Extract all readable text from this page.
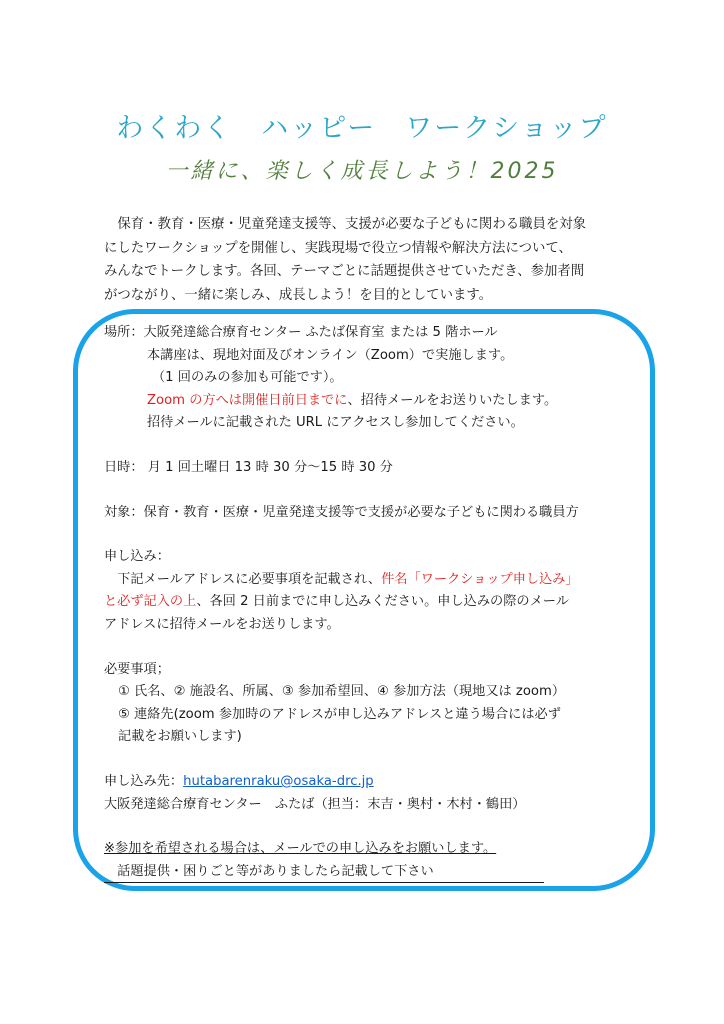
わくわく　ハッピー　ワークショップ
一緒に、楽しく成長しよう！2025

　保育・教育・医療・児童発達支援等、支援が必要な子どもに関わる職員を対象

にしたワークショップを開催し、実践現場で役立つ情報や解決方法について、

みんなでトークします。各回、テーマごとに話題提供させていただき、参加者間

がつながり、一緒に楽しみ、成長しよう！を目的としています。

場所：大阪発達総合療育センター ふたば保育室 または 5 階ホール

本講座は、現地対面及びオンライン（Zoom）で実施します。

（1 回のみの参加も可能です）。

Zoom の方へは開催日前日までに、招待メールをお送りいたします。

招待メールに記載された URL にアクセスし参加してください。

日時： 月 1 回土曜日 13 時 30 分～15 時 30 分

対象：保育・教育・医療・児童発達支援等で支援が必要な子どもに関わる職員方

申し込み：

　下記メールアドレスに必要事項を記載され、件名「ワークショップ申し込み」

と必ず記入の上、各回 2 日前までに申し込みください。申し込みの際のメール

アドレスに招待メールをお送りします。

必要事項；

① 氏名、② 施設名、所属、③ 参加希望回、④ 参加方法（現地又は zoom）

⑤ 連絡先(zoom 参加時のアドレスが申し込みアドレスと違う場合には必ず

記載をお願いします)

申し込み先：hutabarenraku@osaka-drc.jp

大阪発達総合療育センター　ふたば（担当：末吉・奥村・木村・鶴田）

※参加を希望される場合は、メールでの申し込みをお願いします。

　話題提供・困りごと等がありましたら記載して下さい
